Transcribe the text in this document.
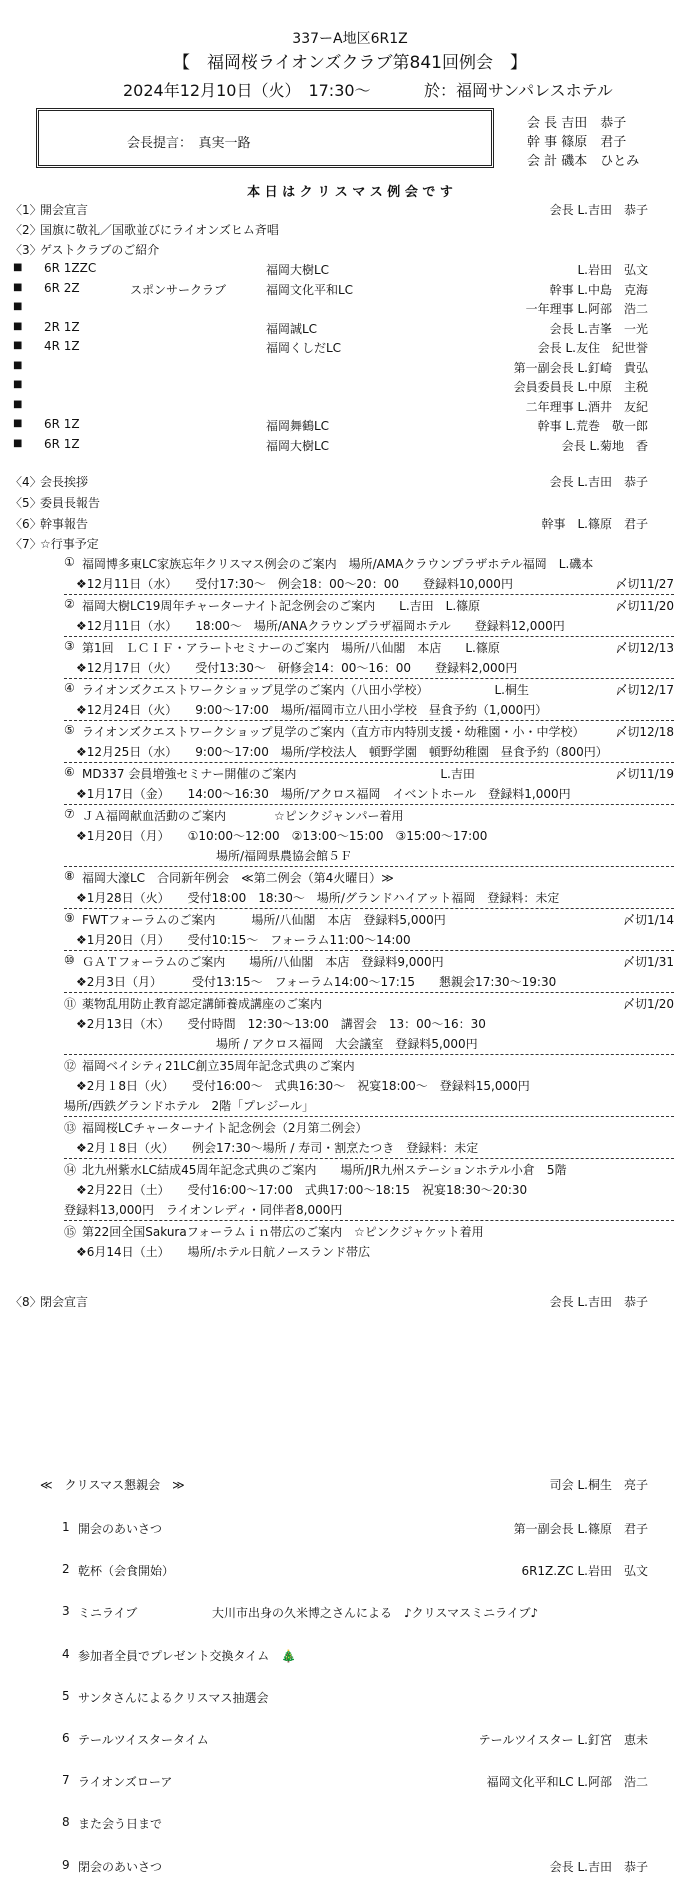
337ーA地区6R1Z
【　福岡桜ライオンズクラブ第841回例会　】
2024年12月10日（火）　17:30〜	於：福岡サンパレスホテル
会長提言：　真実一路
会 長 吉田　恭子
幹 事 篠原　君子
会 計 磯本　ひとみ
本 日 は ク リ ス マ ス 例 会 で す
〈1〉
開会宣言	会長 L.吉田　恭子
〈2〉
国旗に敬礼／国歌並びにライオンズヒム斉唱
〈3〉
ゲストクラブのご紹介
■ 6R 1ZZC	福岡大樹LC	L.岩田　弘文
■ 6R 2Z	スポンサークラブ	福岡文化平和LC	幹事 L.中島　克海
■	一年理事 L.阿部　浩二
■ 2R 1Z	福岡誠LC	会長 L.吉峯　一光
■ 4R 1Z	福岡くしだLC	会長 L.友住　紀世誉
■	第一副会長 L.釘崎　貴弘
■	会員委員長 L.中原　主税
■	二年理事 L.酒井　友紀
■ 6R 1Z	福岡舞鶴LC	幹事 L.荒巻　敬一郎
■ 6R 1Z	福岡大樹LC	会長 L.菊地　香
〈4〉
会長挨拶	会長 L.吉田　恭子
〈5〉
委員長報告
〈6〉
幹事報告	幹事　L.篠原　君子
〈7〉
☆行事予定
① 福岡博多東LC家族忘年クリスマス例会のご案内　場所/AMAクラウンプラザホテル福岡　L.磯本
❖12月11日（水）　　受付17:30〜　例会18：00〜20：00　　登録料10,000円	〆切11/27
② 福岡大樹LC19周年チャーターナイト記念例会のご案内　　L.吉田　L.篠原
❖12月11日（水）　　18:00〜　場所/ANAクラウンプラザ福岡ホテル　　登録料12,000円
〆切11/20
③ 第1回　ＬＣＩＦ・アラートセミナーのご案内　場所/八仙閣　本店　　L.篠原
❖12月17日（火）　　受付13:30〜　研修会14：00〜16：00　　登録料2,000円
〆切12/13
④ ライオンズクエストワークショップ見学のご案内（八田小学校）　　　　　　L.桐生
❖12月24日（火）　　9:00〜17:00　場所/福岡市立八田小学校　昼食予約（1,000円）
〆切12/17
⑤ ライオンズクエストワークショップ見学のご案内（直方市内特別支援・幼稚園・小・中学校）
❖12月25日（水）　　9:00〜17:00　場所/学校法人　頓野学園　頓野幼稚園　昼食予約（800円）
〆切12/18
⑥ MD337 会員増強セミナー開催のご案内　　　　　　　　　　　　L.吉田
❖1月17日（金）　　14:00〜16:30　場所/アクロス福岡　イベントホール　登録料1,000円
〆切11/19
⑦ ＪＡ福岡献血活動のご案内　　　　☆ピンクジャンパー着用
❖1月20日（月）　　①10:00〜12:00　②13:00〜15:00　③15:00〜17:00
場所/福岡県農協会館５Ｆ
⑧ 福岡大濠LC　合同新年例会　≪第二例会（第4火曜日）≫
❖1月28日（火）　　受付18:00　18:30〜　場所/グランドハイアット福岡　登録料：未定
⑨ FWTフォーラムのご案内　　　場所/八仙閣　本店　登録料5,000円
❖1月20日（月）　　受付10:15〜　フォーラム11:00〜14:00
〆切1/14
⑩ ＧＡＴフォーラムのご案内　　場所/八仙閣　本店　登録料9,000円
❖2月3日（月）　　　受付13:15〜　フォーラム14:00〜17:15　　懇親会17:30〜19:30
〆切1/31
⑪ 薬物乱用防止教育認定講師養成講座のご案内
❖2月13日（木）　　受付時間　12:30〜13:00　講習会　13：00〜16：30
〆切1/20
場所 / アクロス福岡　大会議室　登録料5,000円
⑫ 福岡ベイシティ21LC創立35周年記念式典のご案内
❖2月１8日（火）　　受付16:00〜　式典16:30〜　祝宴18:00〜　登録料15,000円
場所/西鉄グランドホテル　2階「プレジール」
⑬ 福岡桜LCチャーターナイト記念例会（2月第二例会）
❖2月１8日（火）　　例会17:30〜場所 / 寿司・割烹たつき　登録料：未定
⑭ 北九州紫水LC結成45周年記念式典のご案内　　場所/JR九州ステーションホテル小倉　5階
❖2月22日（土）　　受付16:00〜17:00　式典17:00〜18:15　祝宴18:30〜20:30
登録料13,000円　ライオンレディ・同伴者8,000円
⑮ 第22回全国Sakuraフォーラムｉｎ帯広のご案内　☆ピンクジャケット着用
❖6月14日（土）　　場所/ホテル日航ノースランド帯広
〈8〉
閉会宣言	会長 L.吉田　恭子
≪　クリスマス懇親会　≫	司会 L.桐生　亮子
1 開会のあいさつ	第一副会長 L.篠原　君子
2 乾杯（会食開始）	6R1Z.ZC L.岩田　弘文
3 ミニライブ	大川市出身の久米博之さんによる　♪クリスマスミニライブ♪
4 参加者全員でプレゼント交換タイム　🎄
5 サンタさんによるクリスマス抽選会
6 テールツイスタータイム	テールツイスター L.釘宮　恵未
7 ライオンズローア	福岡文化平和LC L.阿部　浩二
8 また会う日まで
9 閉会のあいさつ	会長 L.吉田　恭子
